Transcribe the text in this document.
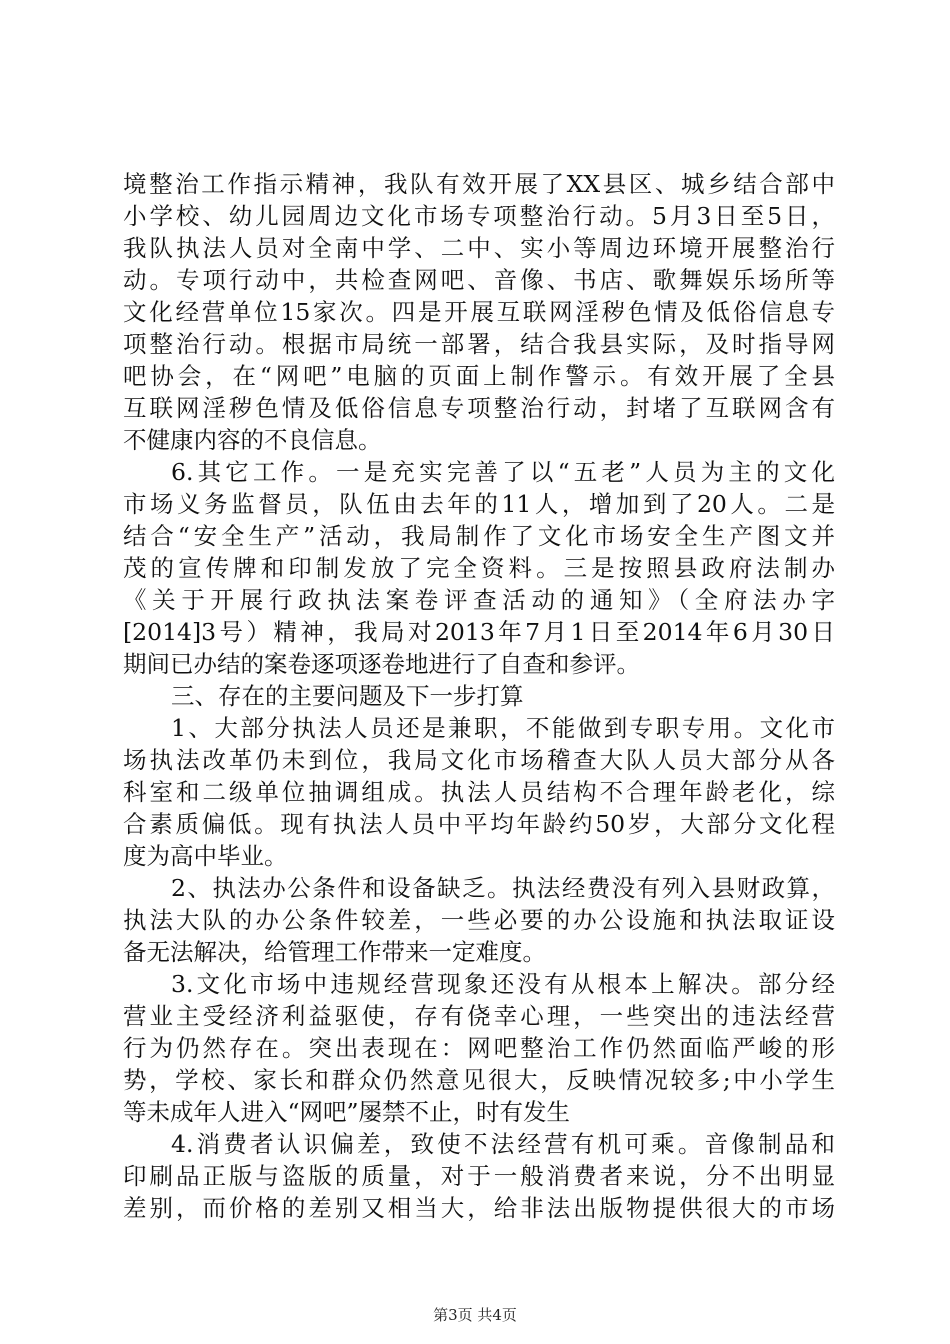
境整治工作指示精神，我队有效开展了XX县区、城乡结合部中
小学校、幼儿园周边文化市场专项整治行动。5月3日至5日，
我队执法人员对全南中学、二中、实小等周边环境开展整治行
动。专项行动中，共检查网吧、音像、书店、歌舞娱乐场所等
文化经营单位15家次。四是开展互联网淫秽色情及低俗信息专
项整治行动。根据市局统一部署，结合我县实际，及时指导网
吧协会，在“网吧”电脑的页面上制作警示。有效开展了全县
互联网淫秽色情及低俗信息专项整治行动，封堵了互联网含有
不健康内容的不良信息。
6.其它工作。一是充实完善了以“五老”人员为主的文化
市场义务监督员，队伍由去年的11人，增加到了20人。二是
结合“安全生产”活动，我局制作了文化市场安全生产图文并
茂的宣传牌和印制发放了完全资料。三是按照县政府法制办
《关于开展行政执法案卷评查活动的通知》（全府法办字
[2014]3号）精神，我局对2013年7月1日至2014年6月30日
期间已办结的案卷逐项逐卷地进行了自查和参评。
三、存在的主要问题及下一步打算
1、大部分执法人员还是兼职，不能做到专职专用。文化市
场执法改革仍未到位，我局文化市场稽查大队人员大部分从各
科室和二级单位抽调组成。执法人员结构不合理年龄老化，综
合素质偏低。现有执法人员中平均年龄约50岁，大部分文化程
度为高中毕业。
2、执法办公条件和设备缺乏。执法经费没有列入县财政算，
执法大队的办公条件较差，一些必要的办公设施和执法取证设
备无法解决，给管理工作带来一定难度。
3.文化市场中违规经营现象还没有从根本上解决。部分经
营业主受经济利益驱使，存有侥幸心理，一些突出的违法经营
行为仍然存在。突出表现在：网吧整治工作仍然面临严峻的形
势，学校、家长和群众仍然意见很大，反映情况较多;中小学生
等未成年人进入“网吧”屡禁不止，时有发生
4.消费者认识偏差，致使不法经营有机可乘。音像制品和
印刷品正版与盗版的质量，对于一般消费者来说，分不出明显
差别，而价格的差别又相当大，给非法出版物提供很大的市场
第3页 共4页
